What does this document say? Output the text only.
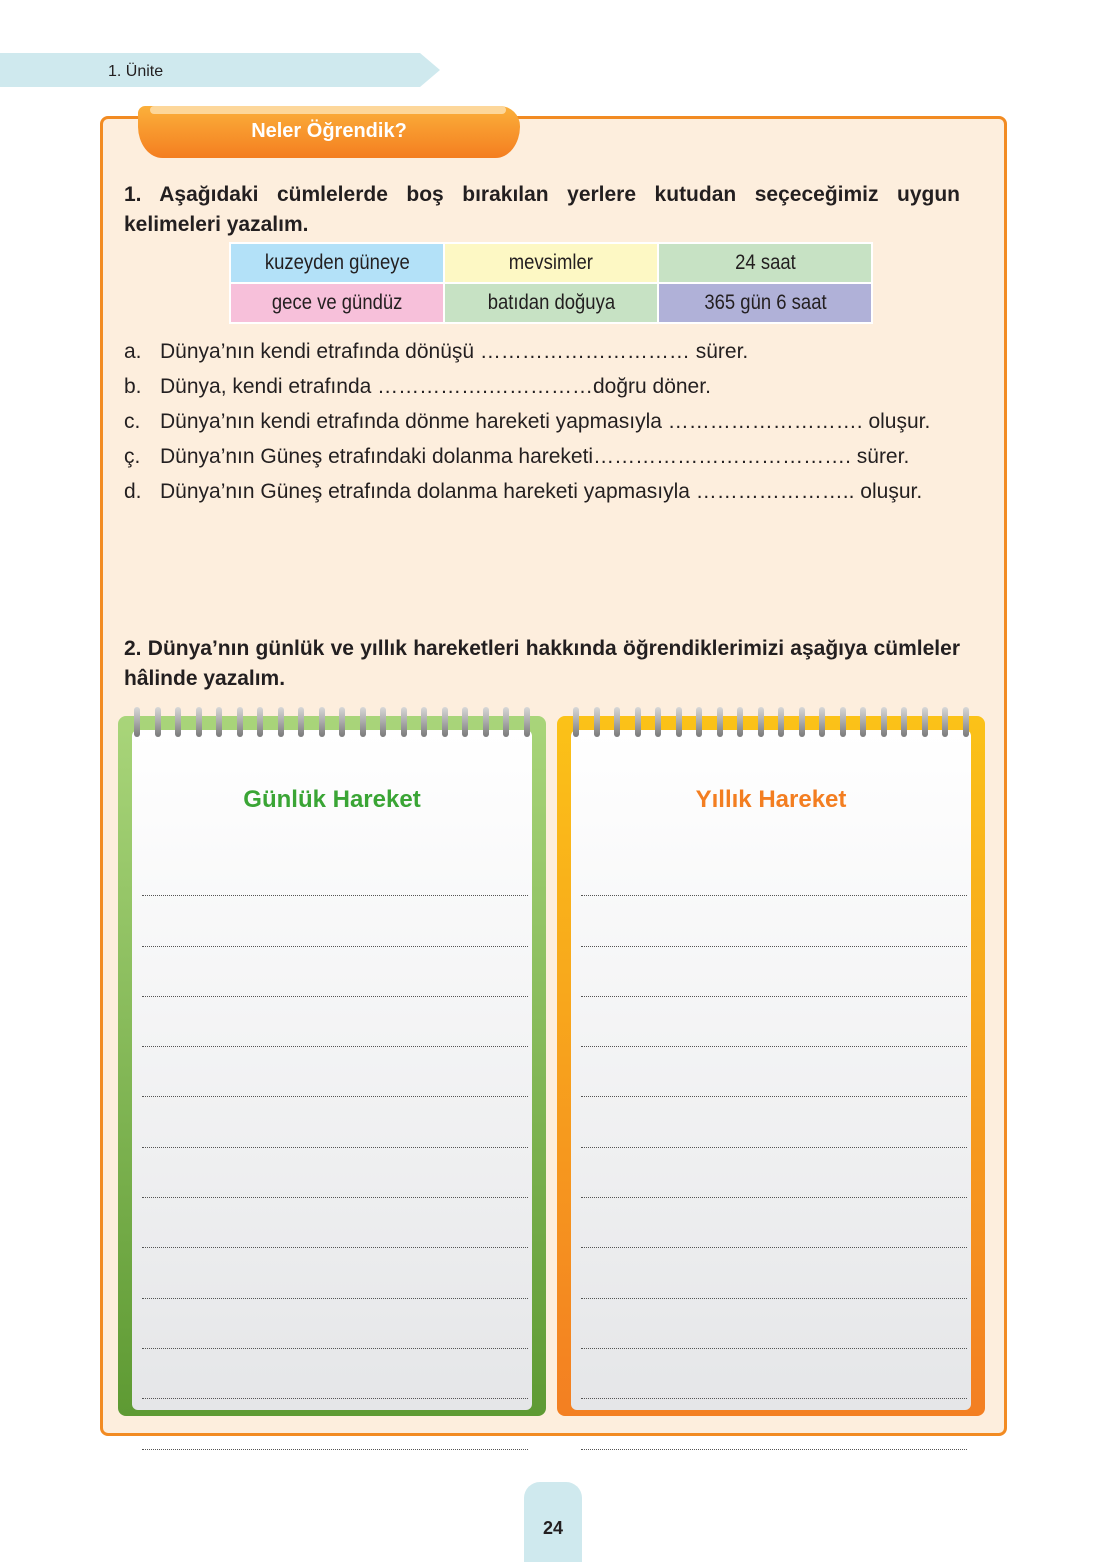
1. Ünite
Neler Öğrendik?
1. Aşağıdaki cümlelerde boş bırakılan yerlere kutudan seçeceğimiz uygun kelimeleri yazalım.
kuzeyden güneye	mevsimler	24 saat
gece ve gündüz	batıdan doğuya	365 gün 6 saat
a. Dünya’nın kendi etrafında dönüşü ………………………… sürer.
b. Dünya, kendi etrafında …………….……………doğru döner.
c. Dünya’nın kendi etrafında dönme hareketi yapmasıyla ………………………. oluşur.
ç. Dünya’nın Güneş etrafındaki dolanma hareketi………………………………. sürer.
d. Dünya’nın Güneş etrafında dolanma hareketi yapmasıyla ………………….. oluşur.
2. Dünya’nın günlük ve yıllık hareketleri hakkında öğrendiklerimizi aşağıya cümleler hâlinde yazalım.
Günlük Hareket	Yıllık Hareket
24
